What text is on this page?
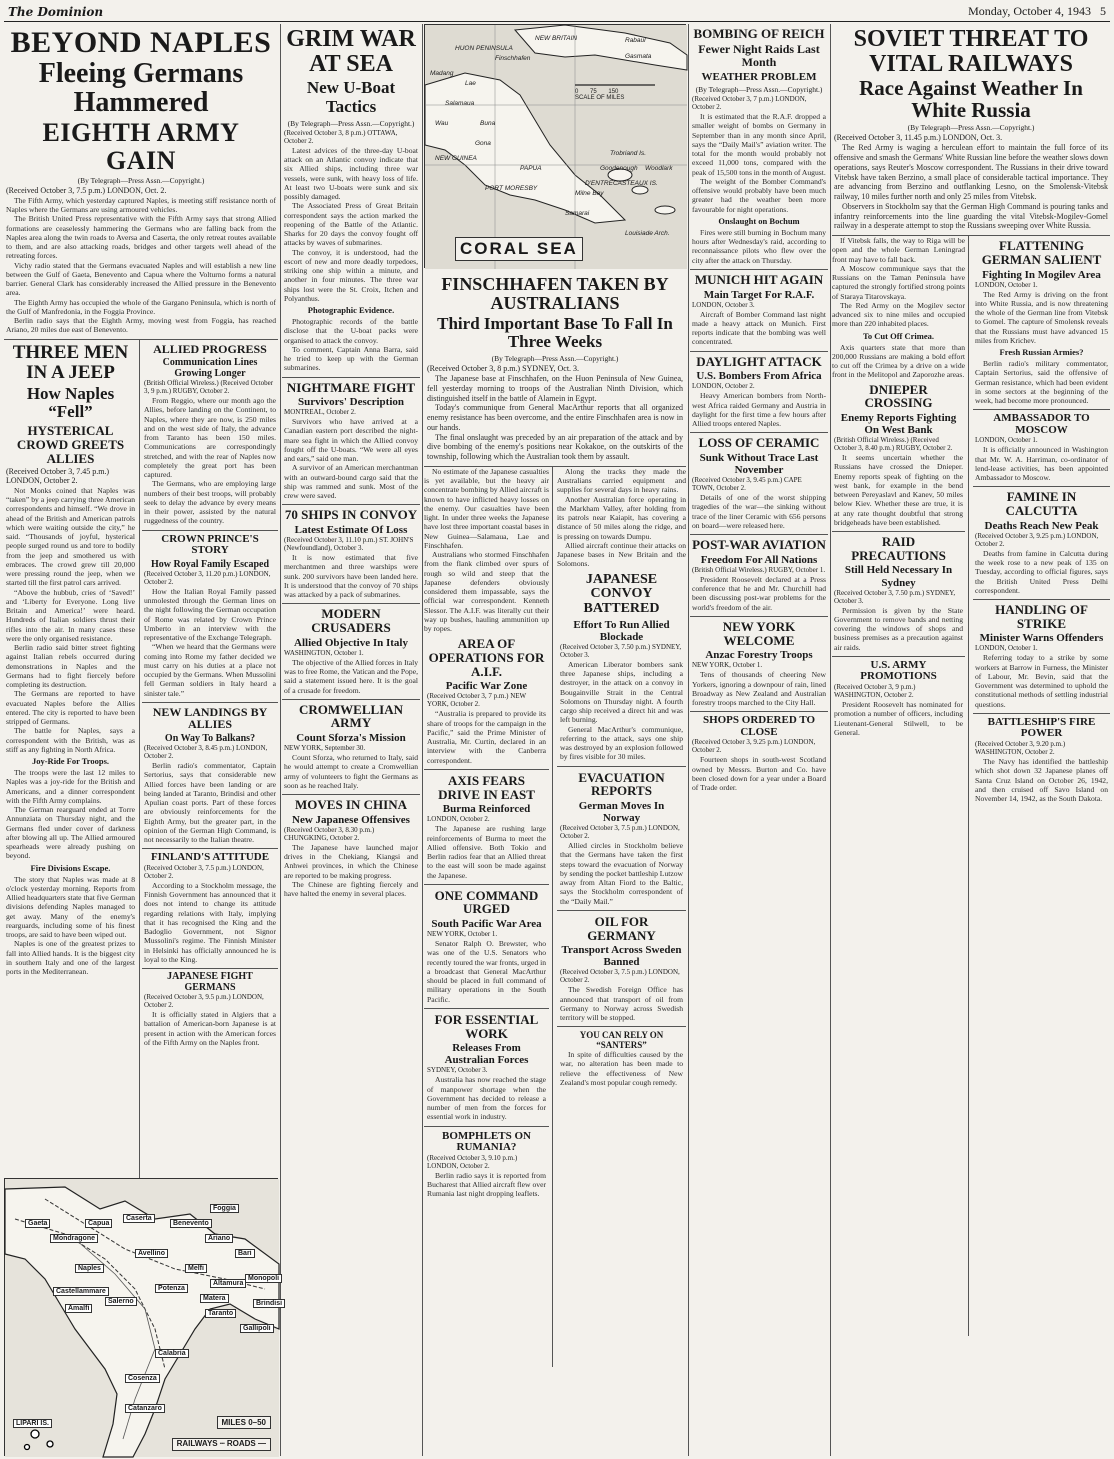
The Dominion	Monday, October 4, 1943 5
BEYOND NAPLES
Fleeing Germans
Hammered
EIGHTH ARMY GAIN
(By Telegraph—Press Assn.—Copyright.)
(Received October 3, 7.5 p.m.) LONDON, Oct. 2.

The Fifth Army, which yesterday captured Naples, is meeting stiff resistance north of Naples where the Germans are using armoured vehicles.

The British United Press representative with the Fifth Army says that strong Allied formations are ceaselessly hammering the Germans who are falling back from the Naples area along the twin roads to Aversa and Caserta, the only retreat routes available to them, and are also attacking roads, bridges and other targets well ahead of the retreating forces.

Vichy radio stated that the Germans evacuated Naples and will establish a new line between the Gulf of Gaeta, Benevento and Capua where the Volturno forms a natural barrier. General Clark has considerably increased the Allied pressure in the Benevento area.

The Eighth Army has occupied the whole of the Gargano Peninsula, which is north of the Gulf of Manfredonia, in the Foggia Province.

Berlin radio says that the Eighth Army, moving west from Foggia, has reached Ariano, 20 miles due east of Benevento.

THREE MEN IN A JEEP
How Naples “Fell”
HYSTERICAL CROWD GREETS ALLIES
(Received October 3, 7.45 p.m.) LONDON, October 2.

Not Monks coined that Naples was “taken” by a jeep carrying three American correspondents and himself. “We drove in ahead of the British and American patrols which were waiting outside the city,” he said. “Thousands of joyful, hysterical people surged round us and tore to bodily from the jeep and smothered us with embraces. The crowd grew till 20,000 were pressing round the jeep, when we started till the first patrol cars arrived.

“Above the hubbub, cries of ‘Saved!’ and ‘Liberty for Everyone. Long live Britain and America!’ were heard. Hundreds of Italian soldiers thrust their rifles into the air. In many cases these were the only organised resistance.

Berlin radio said bitter street fighting against Italian rebels occurred during demonstrations in Naples and the Germans had to fight fiercely before completing its destruction.

The Germans are reported to have evacuated Naples before the Allies entered. The city is reported to have been stripped of Germans.

The battle for Naples, says a correspondent with the British, was as stiff as any fighting in North Africa.

Joy-Ride For Troops.

The troops were the last 12 miles to Naples was a joy-ride for the British and Americans, and a dinner correspondent with the Fifth Army complains.

The German rearguard ended at Torre Annunziata on Thursday night, and the Germans fled under cover of darkness after blowing all up. The Allied armoured spearheads were already pushing on beyond.

Fire Divisions Escape.

The story that Naples was made at 8 o'clock yesterday morning. Reports from Allied headquarters state that five German divisions defending Naples managed to get away. Many of the enemy's rearguards, including some of his finest troops, are said to have been wiped out.

Naples is one of the greatest prizes to fall into Allied hands. It is the biggest city in southern Italy and one of the largest ports in the Mediterranean.

ALLIED PROGRESS
Communication Lines Growing Longer
(British Official Wireless.) (Received October 3, 9 p.m.) RUGBY, October 2.

From Reggio, where our month ago the Allies, before landing on the Continent, to Naples, where they are now, is 250 miles and on the west side of Italy, the advance from Taranto has been 150 miles. Communications are correspondingly stretched, and with the rear of Naples now completely the great port has been captured.

The Germans, who are employing large numbers of their best troops, will probably seek to delay the advance by every means in their power, assisted by the natural ruggedness of the country.

CROWN PRINCE'S STORY
How Royal Family Escaped
(Received October 3, 11.20 p.m.) LONDON, October 2.

How the Italian Royal Family passed unmolested through the German lines on the night following the German occupation of Rome was related by Crown Prince Umberto in an interview with the representative of the Exchange Telegraph.

“When we heard that the Germans were coming into Rome my father decided we must carry on his duties at a place not occupied by the Germans. When Mussolini fell German soldiers in Italy heard a sinister tale.”

NEW LANDINGS BY ALLIES
On Way To Balkans?
(Received October 3, 8.45 p.m.) LONDON, October 2.

Berlin radio's commentator, Captain Sertorius, says that considerable new Allied forces have been landing or are being landed at Taranto, Brindisi and other Apulian coast ports. Part of these forces are obviously reinforcements for the Eighth Army, but the greater part, in the opinion of the German High Command, is not necessarily to the Italian theatre.

FINLAND'S ATTITUDE
(Received October 3, 7.5 p.m.) LONDON, October 2.

According to a Stockholm message, the Finnish Government has announced that it does not intend to change its attitude regarding relations with Italy, implying that it has recognised the King and the Badoglio Government, not Signor Mussolini's regime. The Finnish Minister in Helsinki has officially announced he is loyal to the King.

JAPANESE FIGHT GERMANS
(Received October 3, 9.5 p.m.) LONDON, October 2.

It is officially stated in Algiers that a battalion of American-born Japanese is at present in action with the American forces of the Fifth Army on the Naples front.

Gaeta
Mondragone
Capua
Caserta
Benevento
Naples
Castellammare
Amalfi
Salerno
Avellino
Ariano
Foggia
Potenza
Melfi
Bari
Monopoli
Brindisi
Taranto
Gallipoli
Cosenza
Catanzaro
LIPARI IS.
Calabria
Altamura
Matera
MILES 0–50
RAILWAYS ┄ ROADS —
GRIM WAR
AT SEA
New U-Boat Tactics
(By Telegraph—Press Assn.—Copyright.)
(Received October 3, 8 p.m.) OTTAWA, October 2.

Latest advices of the three-day U-boat attack on an Atlantic convoy indicate that six Allied ships, including three war vessels, were sunk, with heavy loss of life. At least two U-boats were sunk and six possibly damaged.

The Associated Press of Great Britain correspondent says the action marked the reopening of the Battle of the Atlantic. Sharks for 20 days the convoy fought off attacks by waves of submarines.

The convoy, it is understood, had the escort of new and more deadly torpedoes, striking one ship within a minute, and another in four minutes. The three war ships lost were the St. Croix, Itchen and Polyanthus.

Photographic Evidence.

Photographic records of the battle disclose that the U-boat packs were organised to attack the convoy.

To comment, Captain Anna Barra, said he tried to keep up with the German submarines.

NIGHTMARE FIGHT
Survivors' Description
MONTREAL, October 2.

Survivors who have arrived at a Canadian eastern port described the night-mare sea fight in which the Allied convoy fought off the U-boats. “We were all eyes and ears,” said one man.

A survivor of an American merchantman with an outward-bound cargo said that the ship was rammed and sunk. Most of the crew were saved.

70 SHIPS IN CONVOY
Latest Estimate Of Loss
(Received October 3, 11.10 p.m.) ST. JOHN'S (Newfoundland), October 3.

It is now estimated that five merchantmen and three warships were sunk. 200 survivors have been landed here. It is understood that the convoy of 70 ships was attacked by a pack of submarines.

MODERN CRUSADERS
Allied Objective In Italy
WASHINGTON, October 1.

The objective of the Allied forces in Italy was to free Rome, the Vatican and the Pope, said a statement issued here. It is the goal of a crusade for freedom.

CROMWELLIAN ARMY
Count Sforza's Mission
NEW YORK, September 30.

Count Sforza, who returned to Italy, said he would attempt to create a Cromwellian army of volunteers to fight the Germans as soon as he reached Italy.

MOVES IN CHINA
New Japanese Offensives
(Received October 3, 8.30 p.m.) CHUNGKING, October 2.

The Japanese have launched major drives in the Chekiang, Kiangsi and Anhwei provinces, in which the Chinese are reported to be making progress.

The Chinese are fighting fiercely and have halted the enemy in several places.

NEW BRITAIN
HUON PENINSULA
Finschhafen
Lae
Salamaua
Wau
Madang
Buna
Gona
NEW GUINEA
PORT MORESBY
PAPUA
Milne Bay
Goodenough
Trobriand Is.
D'ENTRECASTEAUX IS.
Rabaul
Gasmata
Samarai
Woodlark
Louisiade Arch.
CORAL SEA
0 75 150
SCALE OF MILES
FINSCHHAFEN TAKEN BY AUSTRALIANS
Third Important Base To Fall In Three Weeks
(By Telegraph—Press Assn.—Copyright.)
(Received October 3, 8 p.m.) SYDNEY, Oct. 3.

The Japanese base at Finschhafen, on the Huon Peninsula of New Guinea, fell yesterday morning to troops of the Australian Ninth Division, which distinguished itself in the battle of Alamein in Egypt.

Today's communique from General MacArthur reports that all organized enemy resistance has been overcome, and the entire Finschhafen area is now in our hands.

The final onslaught was preceded by an air preparation of the attack and by dive bombing of the enemy's positions near Kokakoe, on the outskirts of the township, following which the Australian took them by assault.

No estimate of the Japanese casualties is yet available, but the heavy air concentrate bombing by Allied aircraft is known to have inflicted heavy losses on the enemy. Our casualties have been light. In under three weeks the Japanese have lost three important coastal bases in New Guinea—Salamaua, Lae and Finschhafen.

Australians who stormed Finschhafen from the flank climbed over spurs of rough so wild and steep that the Japanese defenders obviously considered them impassable, says the official war correspondent. Kenneth Slessor. The A.I.F. was literally cut their way up bushes, hauling ammunition up by ropes.

AREA OF OPERATIONS FOR A.I.F.
Pacific War Zone
(Received October 3, 7 p.m.) NEW YORK, October 2.

“Australia is prepared to provide its share of troops for the campaign in the Pacific,” said the Prime Minister of Australia, Mr. Curtin, declared in an interview with the Canberra correspondent.

AXIS FEARS DRIVE IN EAST
Burma Reinforced
LONDON, October 2.

The Japanese are rushing large reinforcements of Burma to meet the Allied offensive. Both Tokio and Berlin radios fear that an Allied threat to the east will soon be made against the Japanese.

ONE COMMAND URGED
South Pacific War Area
NEW YORK, October 1.

Senator Ralph O. Brewster, who was one of the U.S. Senators who recently toured the war fronts, urged in a broadcast that General MacArthur should be placed in full command of military operations in the South Pacific.

FOR ESSENTIAL WORK
Releases From Australian Forces
SYDNEY, October 3.

Australia has now reached the stage of manpower shortage when the Government has decided to release a number of men from the forces for essential work in industry.

BOMPHLETS ON RUMANIA?
(Received October 3, 9.10 p.m.) LONDON, October 2.

Berlin radio says it is reported from Bucharest that Allied aircraft flew over Rumania last night dropping leaflets.

Along the tracks they made the Australians carried equipment and supplies for several days in heavy rains.

Another Australian force operating in the Markham Valley, after holding from its patrols near Kaiapit, has covering a distance of 50 miles along the ridge, and is pressing on towards Dumpu.

Allied aircraft continue their attacks on Japanese bases in New Britain and the Solomons.

JAPANESE CONVOY BATTERED
Effort To Run Allied Blockade
(Received October 3, 7.50 p.m.) SYDNEY, October 3.

American Liberator bombers sank three Japanese ships, including a destroyer, in the attack on a convoy in Bougainville Strait in the Central Solomons on Thursday night. A fourth cargo ship received a direct hit and was left burning.

General MacArthur's communique, referring to the attack, says one ship was destroyed by an explosion followed by fires visible for 30 miles.

EVACUATION REPORTS
German Moves In Norway
(Received October 3, 7.5 p.m.) LONDON, October 2.

Allied circles in Stockholm believe that the Germans have taken the first steps toward the evacuation of Norway by sending the pocket battleship Lutzow away from Altan Fiord to the Baltic, says the Stockholm correspondent of the “Daily Mail.”

OIL FOR GERMANY
Transport Across Sweden Banned
(Received October 3, 7.5 p.m.) LONDON, October 2.

The Swedish Foreign Office has announced that transport of oil from Germany to Norway across Swedish territory will be stopped.

YOU CAN RELY ON “SANTERS”

In spite of difficulties caused by the war, no alteration has been made to relieve the effectiveness of New Zealand's most popular cough remedy.

BOMBING OF REICH
Fewer Night Raids Last Month
WEATHER PROBLEM
(By Telegraph—Press Assn.—Copyright.)
(Received October 3, 7 p.m.) LONDON, October 2.

It is estimated that the R.A.F. dropped a smaller weight of bombs on Germany in September than in any month since April, says the “Daily Mail's” aviation writer. The total for the month would probably not exceed 11,000 tons, compared with the peak of 15,500 tons in the month of August.

The weight of the Bomber Command's offensive would probably have been much greater had the weather been more favourable for night operations.

Onslaught on Bochum

Fires were still burning in Bochum many hours after Wednesday's raid, according to reconnaissance pilots who flew over the city after the attack on Thursday.

MUNICH HIT AGAIN
Main Target For R.A.F.
LONDON, October 3.

Aircraft of Bomber Command last night made a heavy attack on Munich. First reports indicate that the bombing was well concentrated.

DAYLIGHT ATTACK
U.S. Bombers From Africa
LONDON, October 2.

Heavy American bombers from North-west Africa raided Germany and Austria in daylight for the first time a few hours after Allied troops entered Naples.

LOSS OF CERAMIC
Sunk Without Trace Last November
(Received October 3, 9.45 p.m.) CAPE TOWN, October 2.

Details of one of the worst shipping tragedies of the war—the sinking without trace of the liner Ceramic with 656 persons on board—were released here.

POST-WAR AVIATION
Freedom For All Nations
(British Official Wireless.) RUGBY, October 1.

President Roosevelt declared at a Press conference that he and Mr. Churchill had been discussing post-war problems for the world's freedom of the air.

NEW YORK WELCOME
Anzac Forestry Troops
NEW YORK, October 1.

Tens of thousands of cheering New Yorkers, ignoring a downpour of rain, lined Broadway as New Zealand and Australian forestry troops marched to the City Hall.

SHOPS ORDERED TO CLOSE
(Received October 3, 9.25 p.m.) LONDON, October 2.

Fourteen shops in south-west Scotland owned by Messrs. Burton and Co. have been closed down for a year under a Board of Trade order.

SOVIET THREAT TO
VITAL RAILWAYS
Race Against Weather In White Russia
(By Telegraph—Press Assn.—Copyright.)
(Received October 3, 11.45 p.m.) LONDON, Oct. 3.

The Red Army is waging a herculean effort to maintain the full force of its offensive and smash the Germans' White Russian line before the weather slows down operations, says Reuter's Moscow correspondent. The Russians in their drive toward Vitebsk have taken Berzino, a small place of considerable tactical importance. They are advancing from Berzino and outflanking Lesno, on the Smolensk-Vitebsk railway, 10 miles further north and only 25 miles from Vitebsk.

Observers in Stockholm say that the German High Command is pouring tanks and infantry reinforcements into the line guarding the vital Vitebsk-Mogilev-Gomel railway in a desperate attempt to stop the Russians sweeping over White Russia.

If Vitebsk falls, the way to Riga will be open and the whole German Leningrad front may have to fall back.

A Moscow communique says that the Russians on the Taman Peninsula have captured the strongly fortified strong points of Staraya Titarovskaya.

The Red Army on the Mogilev sector advanced six to nine miles and occupied more than 220 inhabited places.

To Cut Off Crimea.

Axis quarters state that more than 200,000 Russians are making a bold effort to cut off the Crimea by a drive on a wide front in the Melitopol and Zaporozhe areas.

DNIEPER CROSSING
Enemy Reports Fighting On West Bank
(British Official Wireless.) (Received October 3, 8.40 p.m.) RUGBY, October 2.

It seems uncertain whether the Russians have crossed the Dnieper. Enemy reports speak of fighting on the west bank, for example in the bend between Pereyaslavl and Kanev, 50 miles below Kiev. Whether these are true, it is at any rate thought doubtful that strong bridgeheads have been established.

RAID PRECAUTIONS
Still Held Necessary In Sydney
(Received October 3, 7.50 p.m.) SYDNEY, October 3.

Permission is given by the State Government to remove bands and netting covering the windows of shops and business premises as a precaution against air raids.

U.S. ARMY PROMOTIONS
(Received October 3, 9 p.m.) WASHINGTON, October 2.

President Roosevelt has nominated for promotion a number of officers, including Lieutenant-General Stilwell, to be General.

FLATTENING GERMAN SALIENT
Fighting In Mogilev Area
LONDON, October 1.

The Red Army is driving on the front into White Russia, and is now threatening the whole of the German line from Vitebsk to Gomel. The capture of Smolensk reveals that the Russians must have advanced 15 miles from Krichev.

Fresh Russian Armies?

Berlin radio's military commentator, Captain Sertorius, said the offensive of German resistance, which had been evident in some sectors at the beginning of the week, had become more pronounced.

AMBASSADOR TO MOSCOW
LONDON, October 1.

It is officially announced in Washington that Mr. W. A. Harriman, co-ordinator of lend-lease activities, has been appointed Ambassador to Moscow.

FAMINE IN CALCUTTA
Deaths Reach New Peak
(Received October 3, 9.25 p.m.) LONDON, October 2.

Deaths from famine in Calcutta during the week rose to a new peak of 135 on Tuesday, according to official figures, says the British United Press Delhi correspondent.

HANDLING OF STRIKE
Minister Warns Offenders
LONDON, October 1.

Referring today to a strike by some workers at Barrow in Furness, the Minister of Labour, Mr. Bevin, said that the Government was determined to uphold the constitutional methods of settling industrial questions.

BATTLESHIP'S FIRE POWER
(Received October 3, 9.20 p.m.) WASHINGTON, October 2.

The Navy has identified the battleship which shot down 32 Japanese planes off Santa Cruz Island on October 26, 1942, and then cruised off Savo Island on November 14, 1942, as the South Dakota.
